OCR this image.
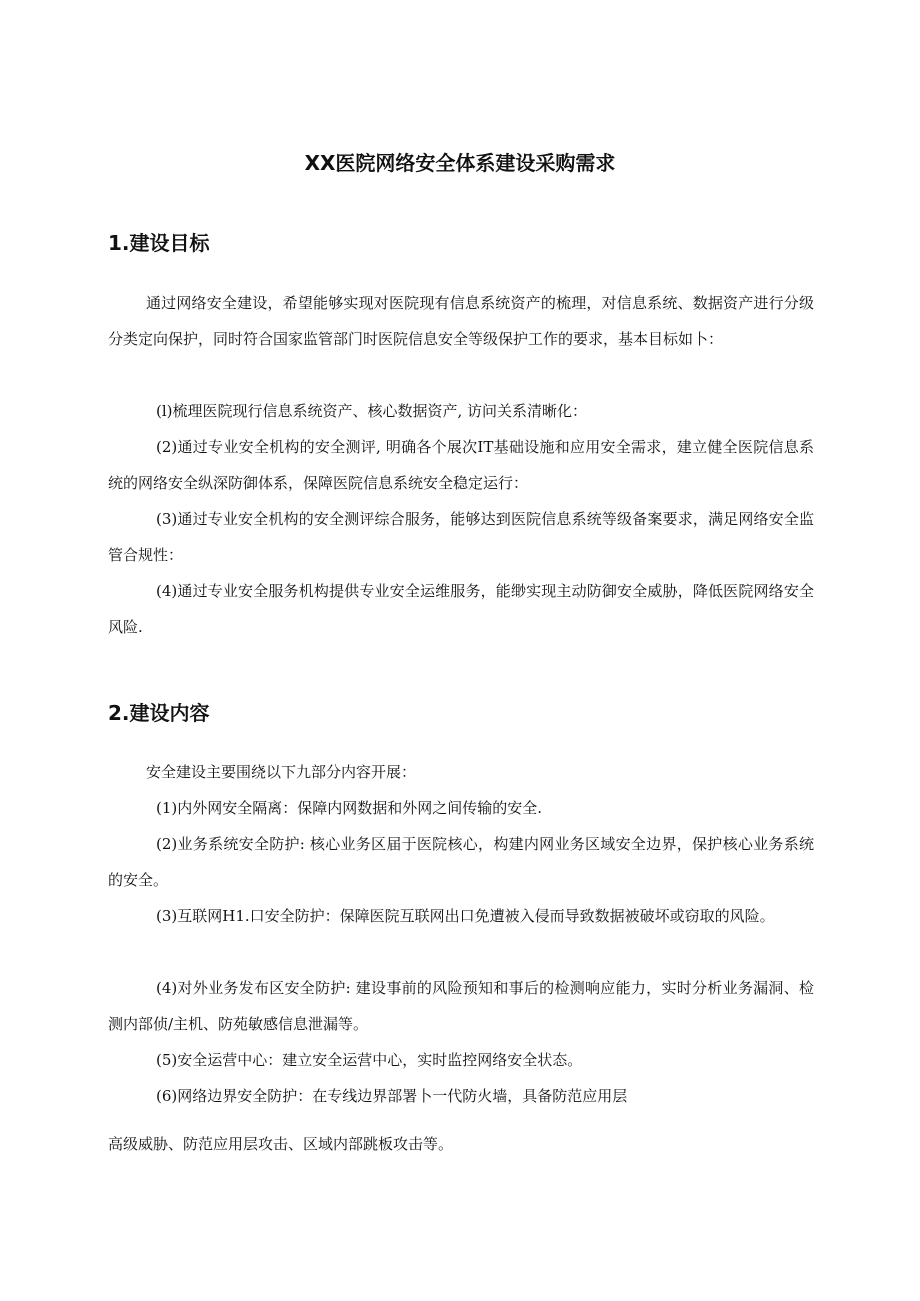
XX医院网络安全体系建设采购需求
1.建设目标
通过网络安全建设，希望能够实现对医院现有信息系统资产的梳理，对信息系统、数据资产进行分级分类定向保护，同时符合国家监管部门时医院信息安全等级保护工作的要求，基本目标如卜：
(l)梳理医院现行信息系统资产、核心数据资产, 访问关系清晰化：
(2)通过专业安全机构的安全测评, 明确各个展次IT基础设施和应用安全需求，建立健全医院信息系统的网络安全纵深防御体系，保障医院信息系统安全稳定运行：
(3)通过专业安全机构的安全测评综合服务，能够达到医院信息系统等级备案要求，满足网络安全监管合规性：
(4)通过专业安全服务机构提供专业安全运维服务，能缈实现主动防御安全威胁，降低医院网络安全风险.
2.建设内容
安全建设主要围绕以下九部分内容开展：
(1)内外网安全隔离：保障内网数据和外网之间传输的安全.
(2)业务系统安全防护: 核心业务区届于医院核心，构建内网业务区域安全边界，保护核心业务系统的安全。
(3)互联网H1.口安全防护：保障医院互联网出口免遭被入侵而导致数据被破坏或窃取的风险。
(4)对外业务发布区安全防护: 建设事前的风险预知和事后的检测响应能力，实时分析业务漏洞、检测内部侦/主机、防苑敏感信息泄漏等。
(5)安全运营中心：建立安全运营中心，实时监控网络安全状态。
(6)网络边界安全防护：在专线边界部署卜一代防火墙，具备防范应用层
高级威胁、防范应用层攻击、区域内部跳板攻击等。
